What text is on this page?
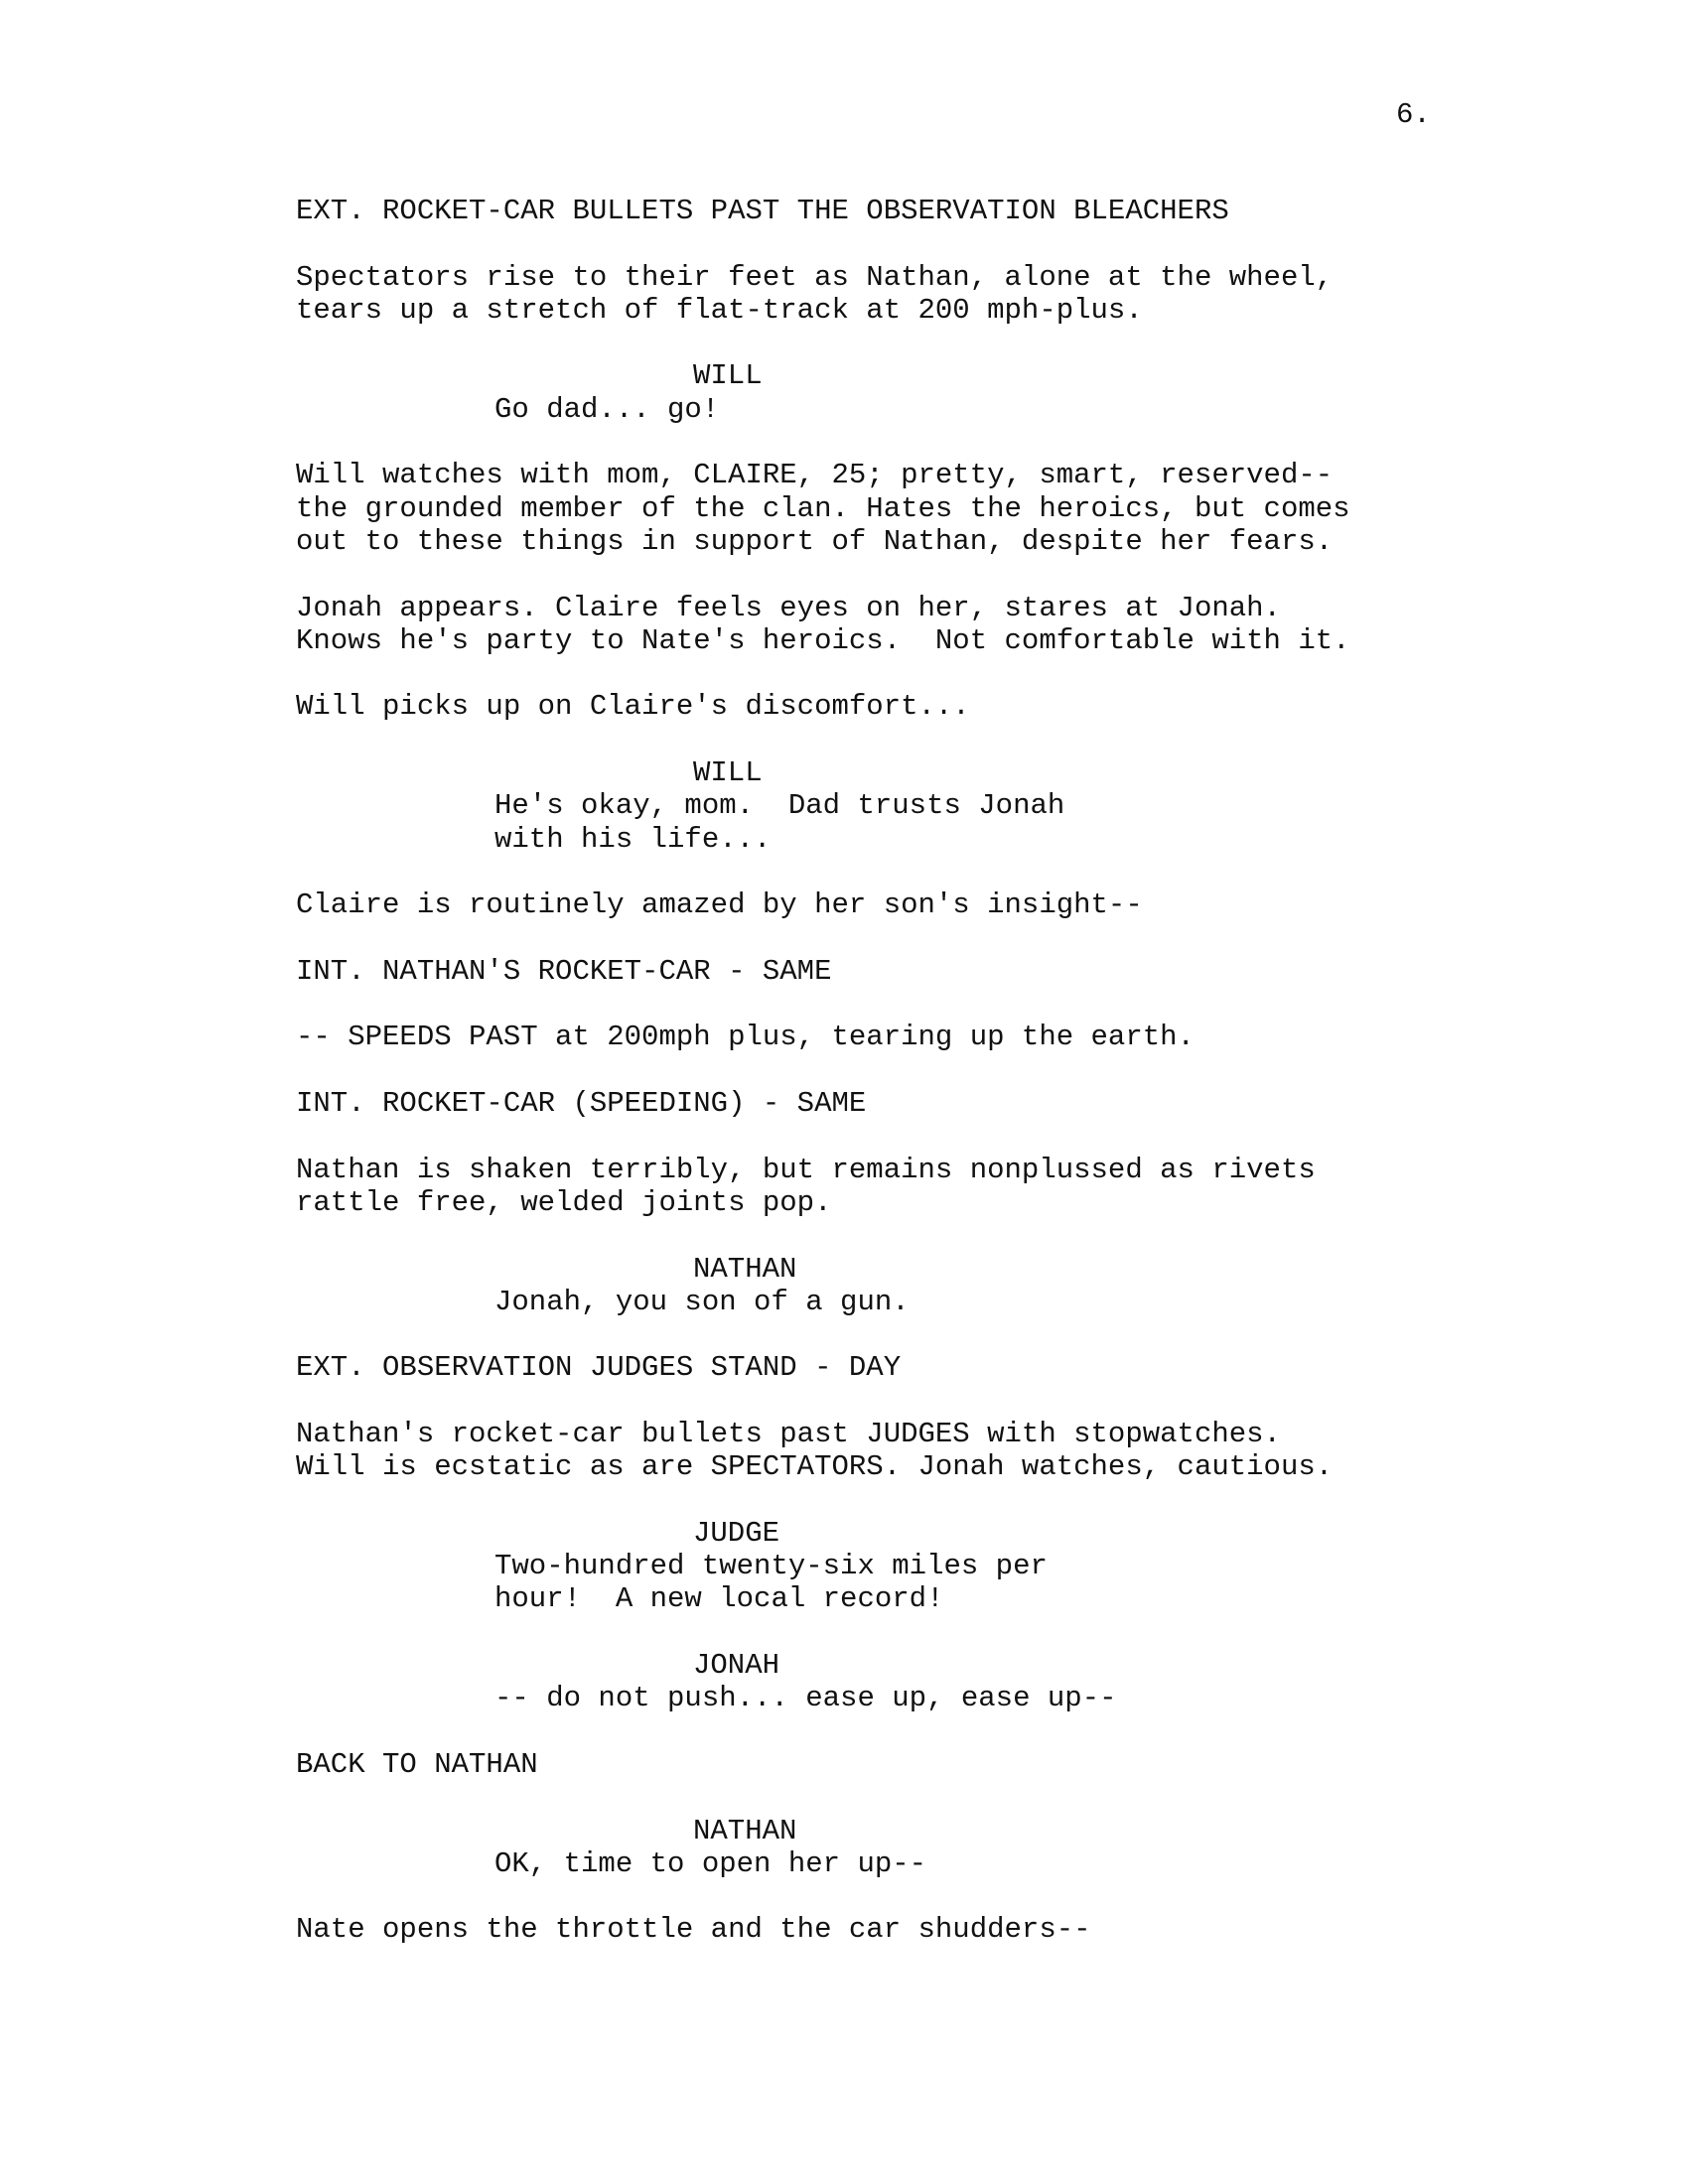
6.
EXT. ROCKET-CAR BULLETS PAST THE OBSERVATION BLEACHERS
Spectators rise to their feet as Nathan, alone at the wheel,
tears up a stretch of flat-track at 200 mph-plus.
WILL
Go dad... go!
Will watches with mom, CLAIRE, 25; pretty, smart, reserved--
the grounded member of the clan. Hates the heroics, but comes
out to these things in support of Nathan, despite her fears.
Jonah appears. Claire feels eyes on her, stares at Jonah.
Knows he's party to Nate's heroics.  Not comfortable with it.
Will picks up on Claire's discomfort...
WILL
He's okay, mom.  Dad trusts Jonah
with his life...
Claire is routinely amazed by her son's insight--
INT. NATHAN'S ROCKET-CAR - SAME
-- SPEEDS PAST at 200mph plus, tearing up the earth.
INT. ROCKET-CAR (SPEEDING) - SAME
Nathan is shaken terribly, but remains nonplussed as rivets
rattle free, welded joints pop.
NATHAN
Jonah, you son of a gun.
EXT. OBSERVATION JUDGES STAND - DAY
Nathan's rocket-car bullets past JUDGES with stopwatches.
Will is ecstatic as are SPECTATORS. Jonah watches, cautious.
JUDGE
Two-hundred twenty-six miles per
hour!  A new local record!
JONAH
-- do not push... ease up, ease up--
BACK TO NATHAN
NATHAN
OK, time to open her up--
Nate opens the throttle and the car shudders--
